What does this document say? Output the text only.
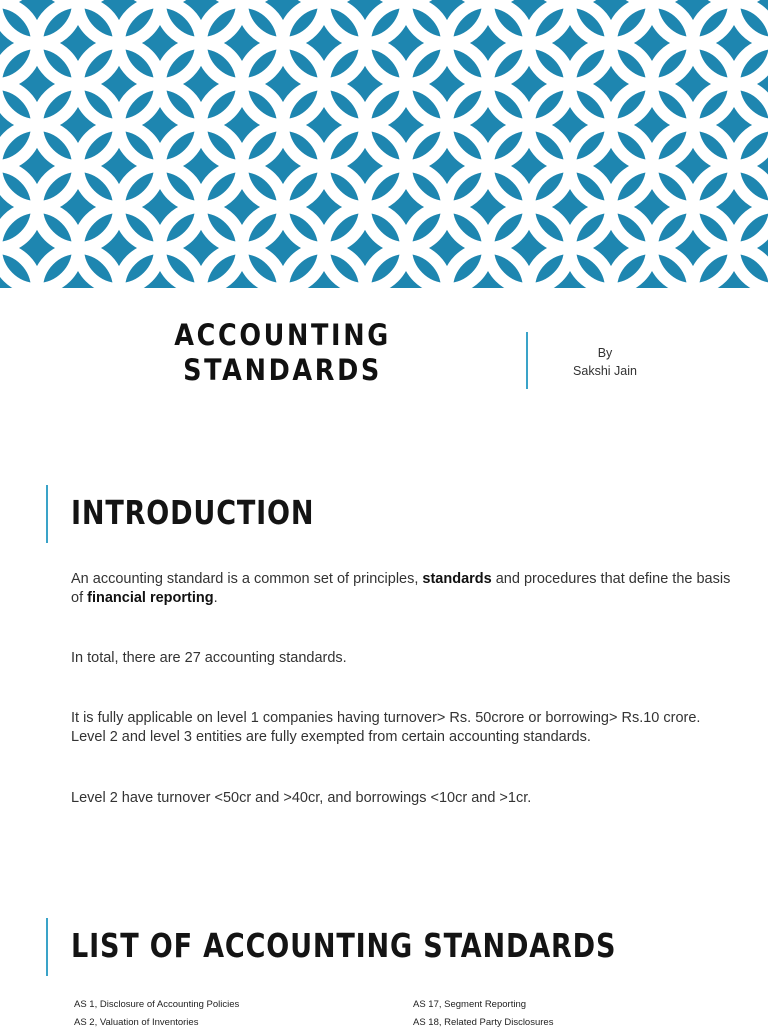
ACCOUNTING
STANDARDS	By
Sakshi Jain
INTRODUCTION

An accounting standard is a common set of principles, standards and procedures that define the basis of financial reporting.

In total, there are 27 accounting standards.

It is fully applicable on level 1 companies having turnover> Rs. 50crore or borrowing> Rs.10 crore. Level 2 and level 3 entities are fully exempted from certain accounting standards.

Level 2 have turnover <50cr and >40cr, and borrowings <10cr and >1cr.

LIST OF ACCOUNTING STANDARDS
AS 1, Disclosure of Accounting Policies
AS 2, Valuation of Inventories
AS 17, Segment Reporting
AS 18, Related Party Disclosures
